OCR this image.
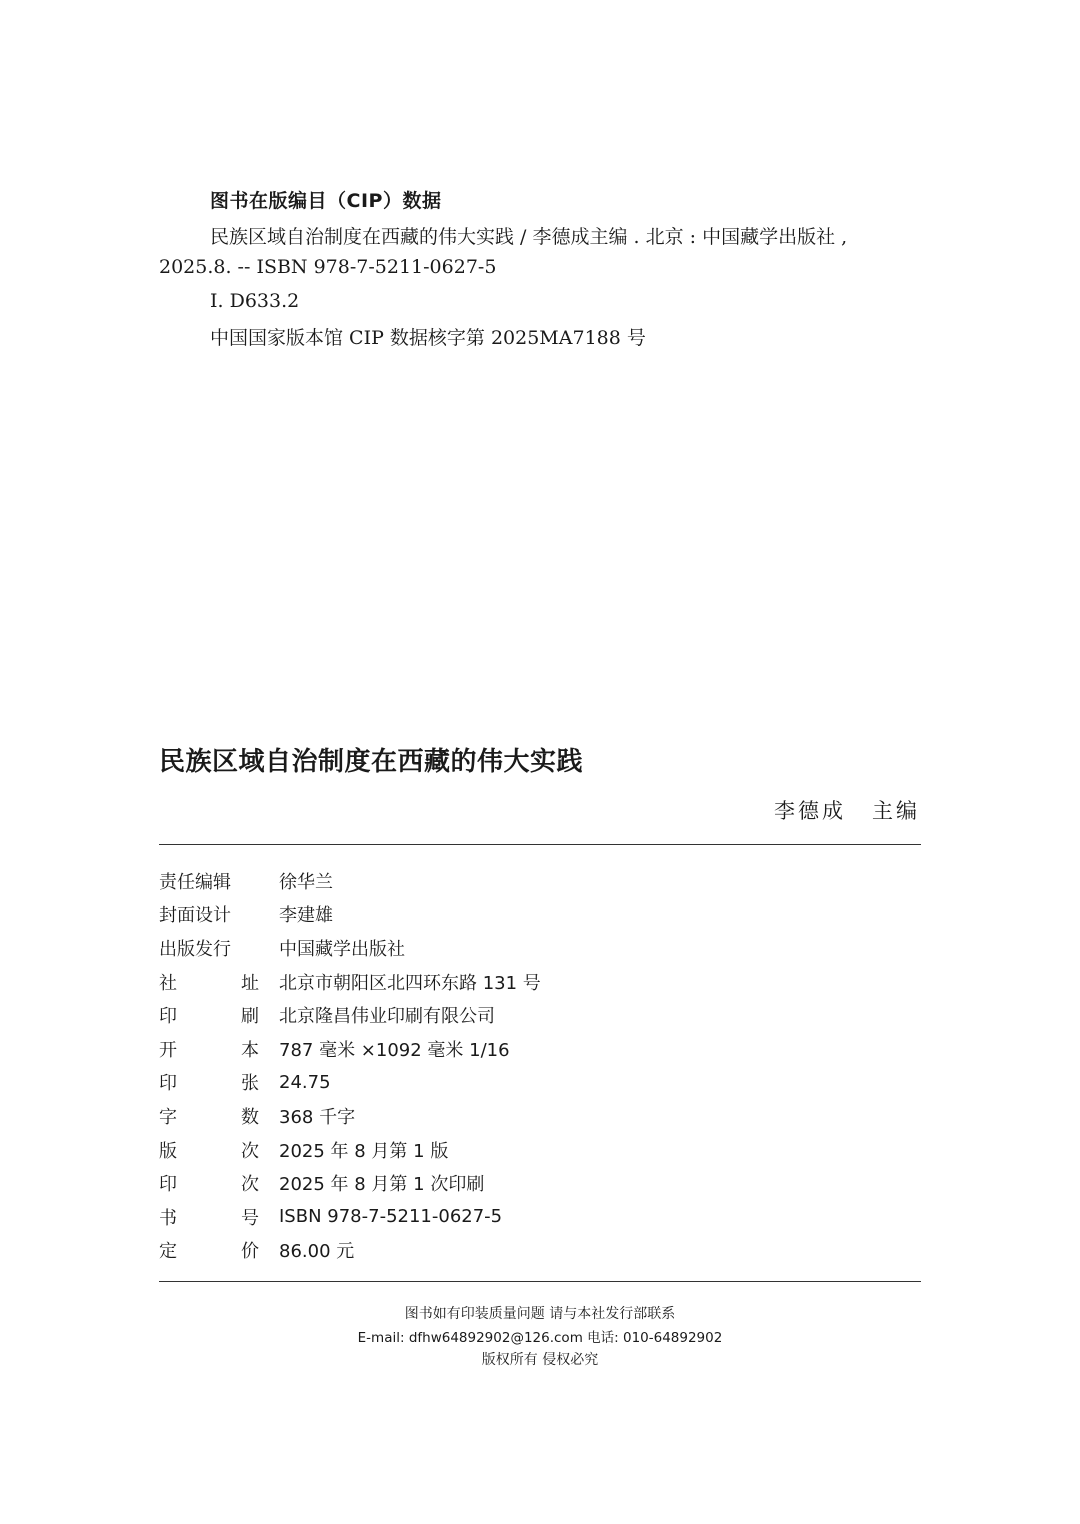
图书在版编目（CIP）数据
民族区域自治制度在西藏的伟大实践 / 李德成主编 . 北京 : 中国藏学出版社 ,
2025.8. -- ISBN 978-7-5211-0627-5
Ⅰ. D633.2
中国国家版本馆 CIP 数据核字第 2025MA7188 号
民族区域自治制度在西藏的伟大实践
李德成 主编
责任编辑	徐华兰
封面设计	李建雄
出版发行	中国藏学出版社
社	址 北京市朝阳区北四环东路 131 号
印	刷 北京隆昌伟业印刷有限公司
开	本 787 毫米 ×1092 毫米 1/16
印	张 24.75
字	数 368 千字
版	次 2025 年 8 月第 1 版
印	次 2025 年 8 月第 1 次印刷
书	号 ISBN 978-7-5211-0627-5
定	价 86.00 元
图书如有印装质量问题 请与本社发行部联系
E-mail: dfhw64892902@126.com 电话: 010-64892902
版权所有 侵权必究
